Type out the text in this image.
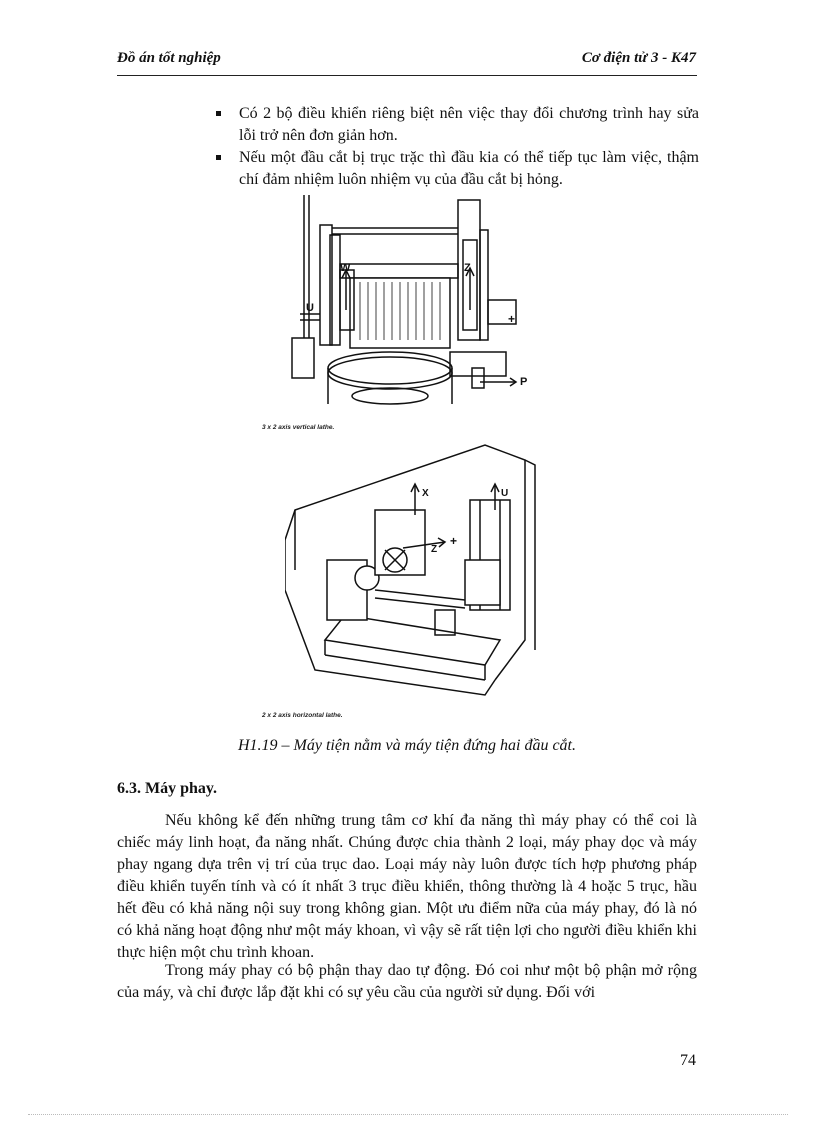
Đồ án tốt nghiệp	Cơ điện tử 3 - K47
Có 2 bộ điều khiển riêng biệt nên việc thay đổi chương trình hay sửa lỗi trở nên đơn giản hơn.
Nếu một đầu cắt bị trục trặc thì đầu kia có thể tiếp tục làm việc, thậm chí đảm nhiệm luôn nhiệm vụ của đầu cắt bị hỏng.
W	Z
U
P
+
3 x 2 axis vertical lathe.
X	U
Z
+
2 x 2 axis horizontal lathe.
H1.19 – Máy tiện nằm và máy tiện đứng hai đầu cắt.
6.3. Máy phay.
Nếu không kể đến những trung tâm cơ khí đa năng thì máy phay có thể coi là chiếc máy linh hoạt, đa năng nhất. Chúng được chia thành 2 loại, máy phay dọc và máy phay ngang dựa trên vị trí của trục dao. Loại máy này luôn được tích hợp phương pháp điều khiển tuyến tính và có ít nhất 3 trục điều khiển, thông thường là 4 hoặc 5 trục, hầu hết đều có khả năng nội suy trong không gian. Một ưu điểm nữa của máy phay, đó là nó có khả năng hoạt động như một máy khoan, vì vậy sẽ rất tiện lợi cho người điều khiển khi thực hiện một chu trình khoan.
Trong máy phay có bộ phận thay dao tự động. Đó coi như một bộ phận mở rộng của máy, và chỉ được lắp đặt khi có sự yêu cầu của người sử dụng. Đối với
74
